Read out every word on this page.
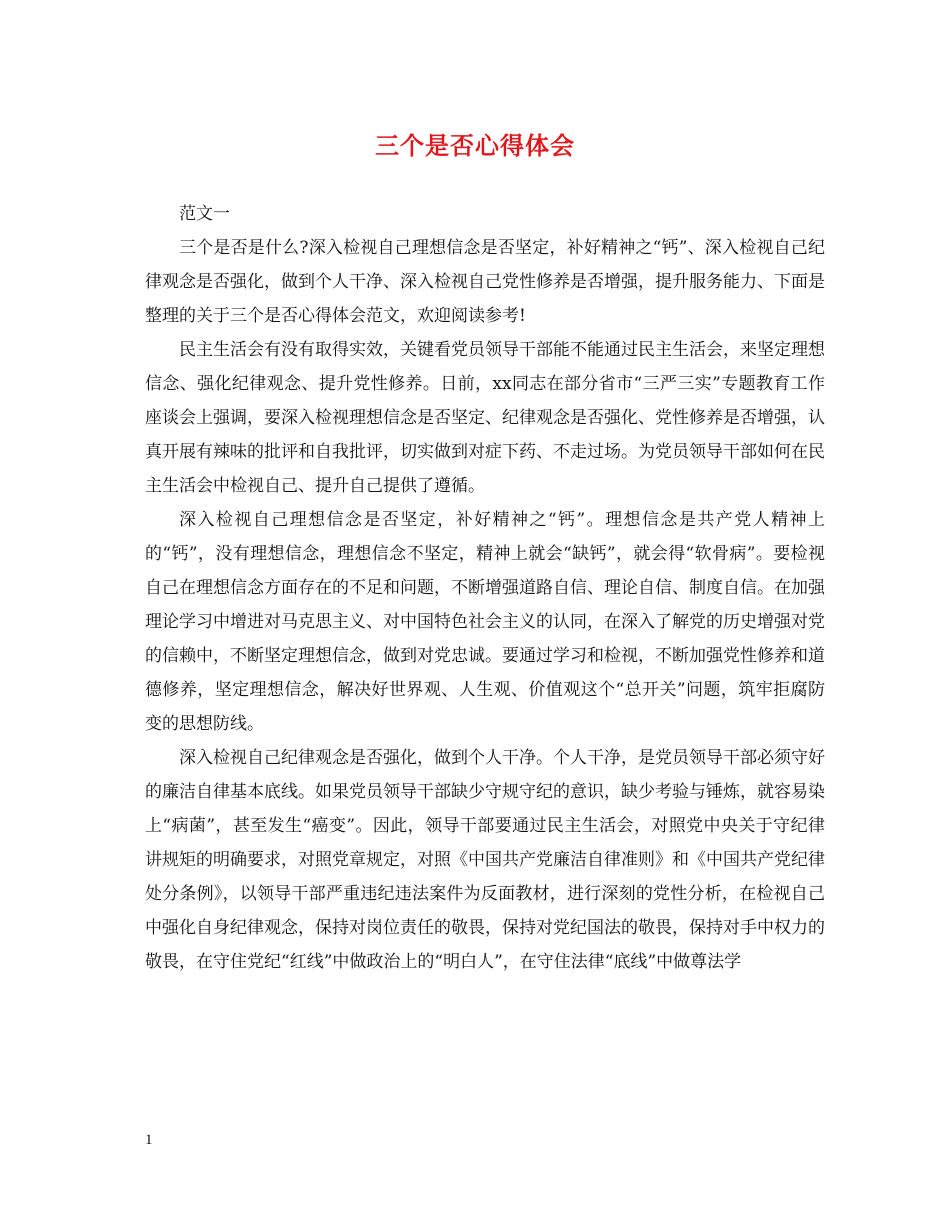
三个是否心得体会

范文一

三个是否是什么?深入检视自己理想信念是否坚定，补好精神之“钙”、深入检视自己纪律观念是否强化，做到个人干净、深入检视自己党性修养是否增强，提升服务能力、下面是整理的关于三个是否心得体会范文，欢迎阅读参考!

民主生活会有没有取得实效，关键看党员领导干部能不能通过民主生活会，来坚定理想信念、强化纪律观念、提升党性修养。日前，xx同志在部分省市“三严三实”专题教育工作座谈会上强调，要深入检视理想信念是否坚定、纪律观念是否强化、党性修养是否增强，认真开展有辣味的批评和自我批评，切实做到对症下药、不走过场。为党员领导干部如何在民主生活会中检视自己、提升自己提供了遵循。

深入检视自己理想信念是否坚定，补好精神之“钙”。理想信念是共产党人精神上的“钙”，没有理想信念，理想信念不坚定，精神上就会“缺钙”，就会得“软骨病”。要检视自己在理想信念方面存在的不足和问题，不断增强道路自信、理论自信、制度自信。在加强理论学习中增进对马克思主义、对中国特色社会主义的认同，在深入了解党的历史增强对党的信赖中，不断坚定理想信念，做到对党忠诚。要通过学习和检视，不断加强党性修养和道德修养，坚定理想信念，解决好世界观、人生观、价值观这个“总开关”问题，筑牢拒腐防变的思想防线。

深入检视自己纪律观念是否强化，做到个人干净。个人干净，是党员领导干部必须守好的廉洁自律基本底线。如果党员领导干部缺少守规守纪的意识，缺少考验与锤炼，就容易染上“病菌”，甚至发生“癌变”。因此，领导干部要通过民主生活会，对照党中央关于守纪律讲规矩的明确要求，对照党章规定，对照《中国共产党廉洁自律准则》和《中国共产党纪律处分条例》，以领导干部严重违纪违法案件为反面教材，进行深刻的党性分析，在检视自己中强化自身纪律观念，保持对岗位责任的敬畏，保持对党纪国法的敬畏，保持对手中权力的敬畏，在守住党纪“红线”中做政治上的“明白人”，在守住法律“底线”中做尊法学

1
